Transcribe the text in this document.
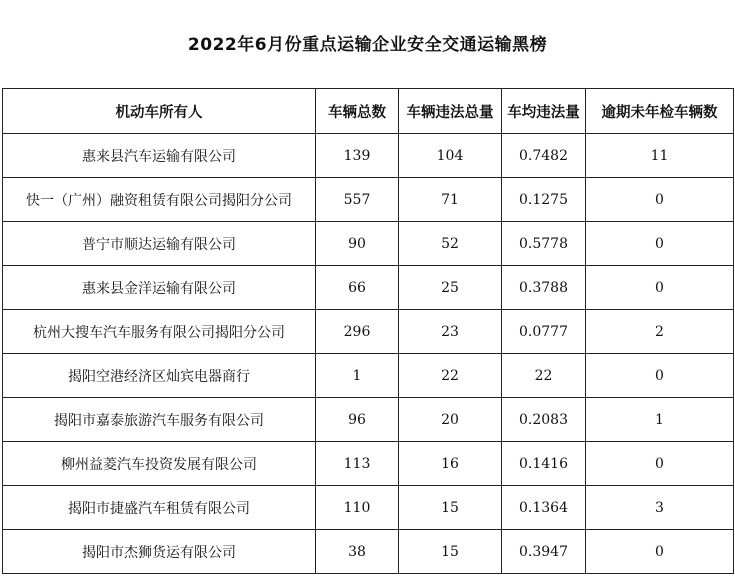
2022年6月份重点运输企业安全交通运输黑榜
机动车所有人	车辆总数	车辆违法总量	车均违法量	逾期未年检车辆数
惠来县汽车运输有限公司	139	104	0.7482	11
快一（广州）融资租赁有限公司揭阳分公司	557	71	0.1275	0
普宁市顺达运输有限公司	90	52	0.5778	0
惠来县金洋运输有限公司	66	25	0.3788	0
杭州大搜车汽车服务有限公司揭阳分公司	296	23	0.0777	2
揭阳空港经济区灿宾电器商行	1	22	22	0
揭阳市嘉泰旅游汽车服务有限公司	96	20	0.2083	1
柳州益菱汽车投资发展有限公司	113	16	0.1416	0
揭阳市捷盛汽车租赁有限公司	110	15	0.1364	3
揭阳市杰狮货运有限公司	38	15	0.3947	0
